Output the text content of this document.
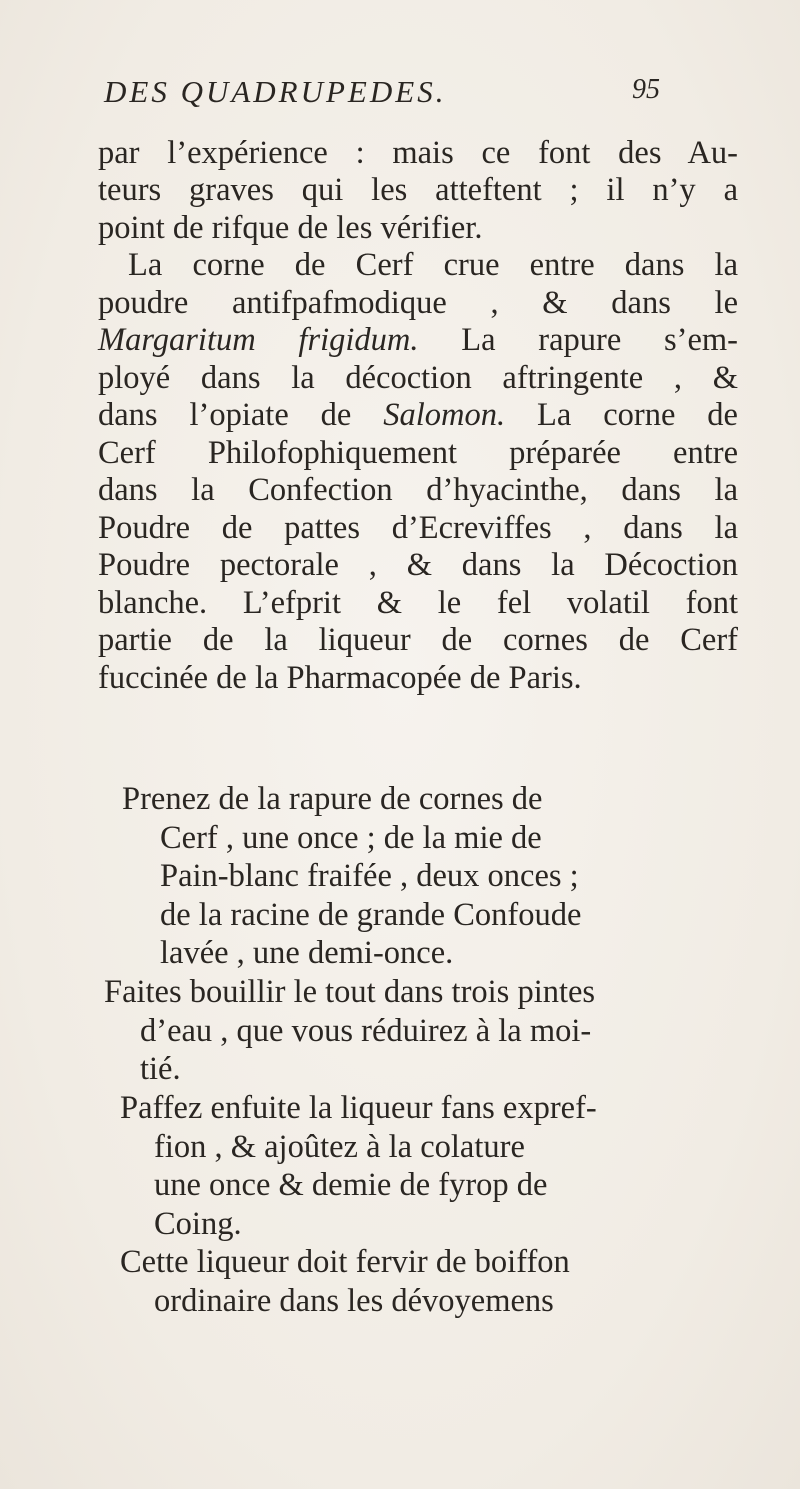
DES QUADRUPEDES.	95
par l’expérience : mais ce font des Au-
teurs graves qui les atteftent ; il n’y a
point de rifque de les vérifier.
La corne de Cerf crue entre dans la
poudre antifpafmodique , & dans le
Margaritum frigidum. La rapure s’em-
ployé dans la décoction aftringente , &
dans l’opiate de Salomon. La corne de
Cerf Philofophiquement préparée entre
dans la Confection d’hyacinthe, dans la
Poudre de pattes d’Ecreviffes , dans la
Poudre pectorale , & dans la Décoction
blanche. L’efprit & le fel volatil font
partie de la liqueur de cornes de Cerf
fuccinée de la Pharmacopée de Paris.
Prenez de la rapure de cornes de
Cerf , une once ; de la mie de
Pain-blanc fraifée , deux onces ;
de la racine de grande Confoude
lavée , une demi-once.
Faites bouillir le tout dans trois pintes
d’eau , que vous réduirez à la moi-
tié.
Paffez enfuite la liqueur fans expref-
fion , & ajoûtez à la colature
une once & demie de fyrop de
Coing.
Cette liqueur doit fervir de boiffon
ordinaire dans les dévoyemens
